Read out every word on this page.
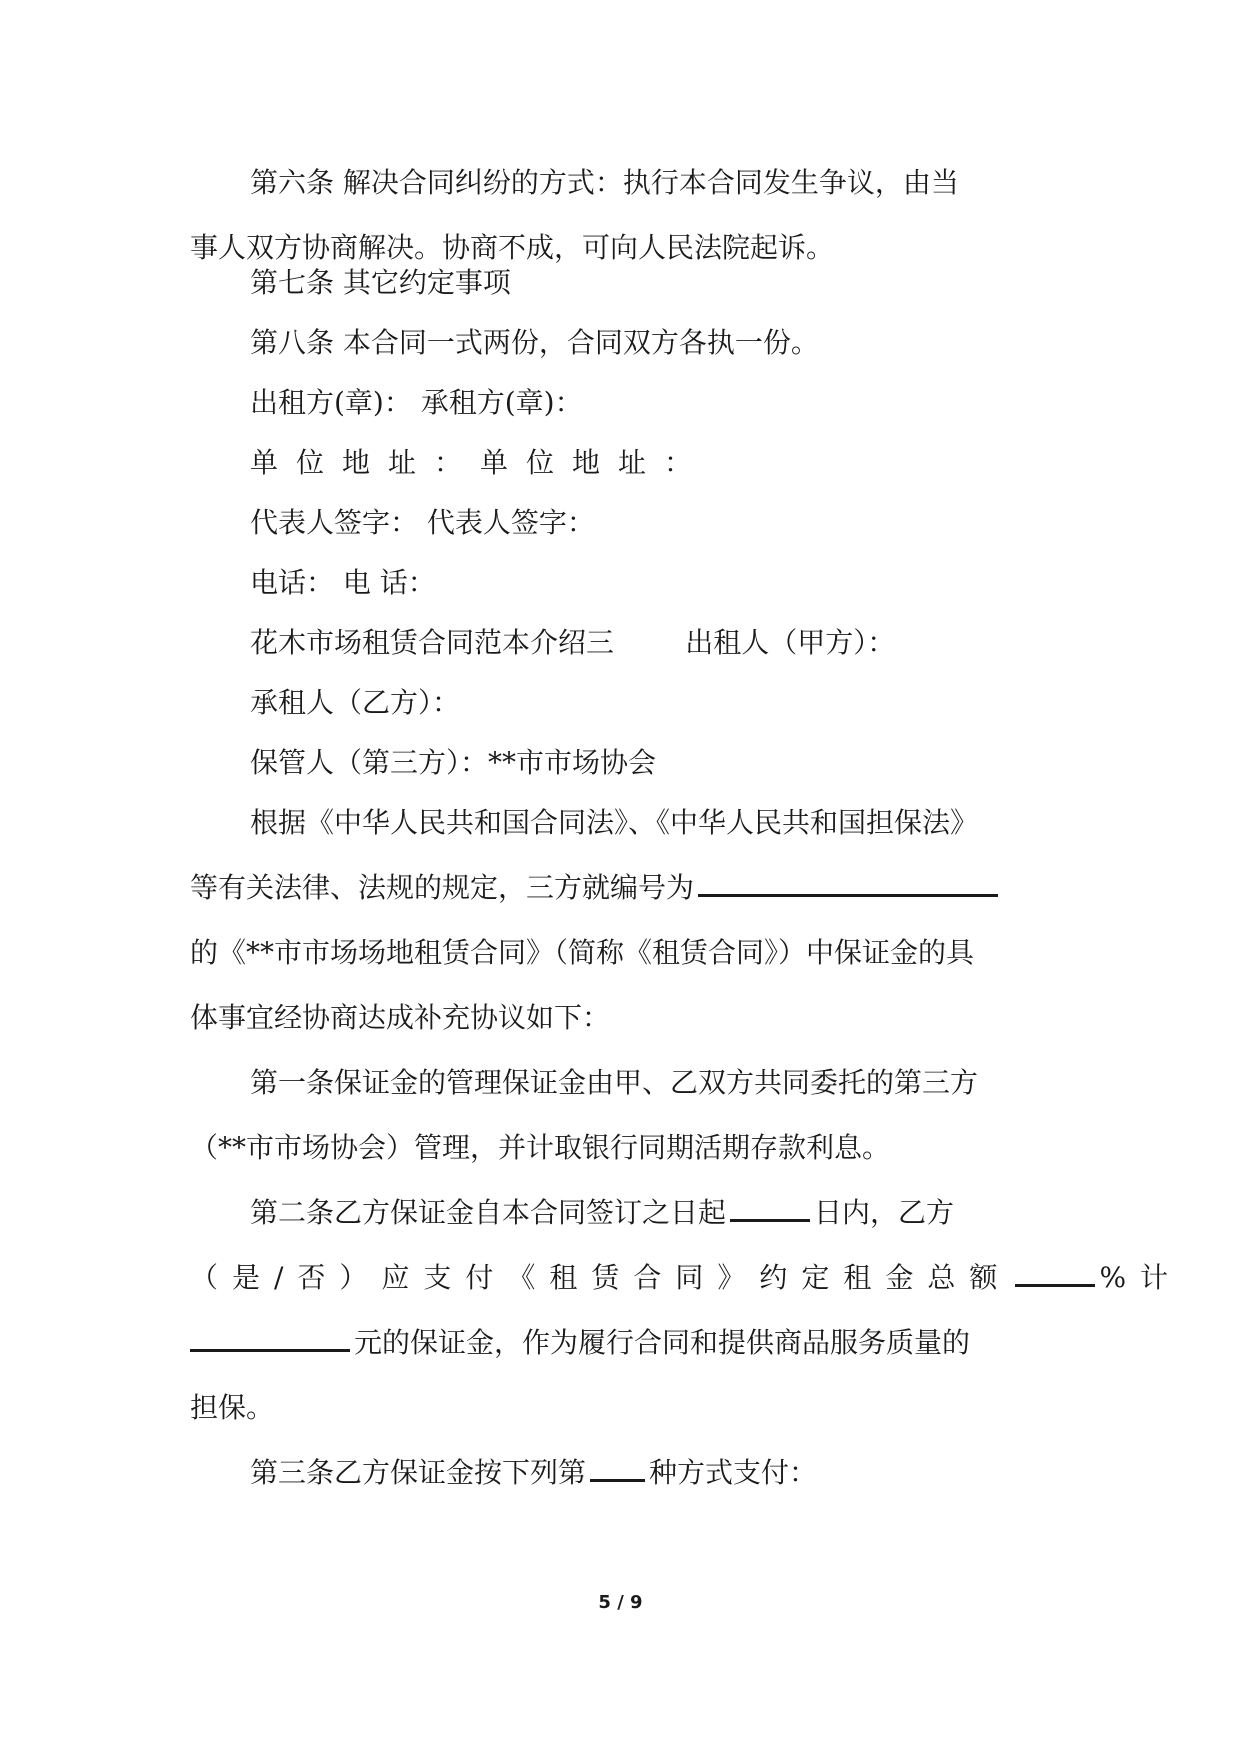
第六条 解决合同纠纷的方式：执行本合同发生争议，由当
事人双方协商解决。协商不成，可向人民法院起诉。

第七条 其它约定事项

第八条 本合同一式两份，合同双方各执一份。

出租方(章)： 承租方(章)：

单位地址：单位地址：

代表人签字： 代表人签字：

电话： 电 话：

花木市场租赁合同范本介绍三        出租人（甲方）：

承租人（乙方）：

保管人（第三方）：**市市场协会

根据《中华人民共和国合同法》、《中华人民共和国担保法》
等有关法律、法规的规定，三方就编号为
的《**市市场场地租赁合同》（简称《租赁合同》）中保证金的具
体事宜经协商达成补充协议如下：

第一条保证金的管理保证金由甲、乙双方共同委托的第三方
（**市市场协会）管理，并计取银行同期活期存款利息。

第二条乙方保证金自本合同签订之日起	日内，乙方
（是/否）应支付《租赁合同》约定租金总额	%计
元的保证金，作为履行合同和提供商品服务质量的
担保。

第三条乙方保证金按下列第 种方式支付：

5 / 9
